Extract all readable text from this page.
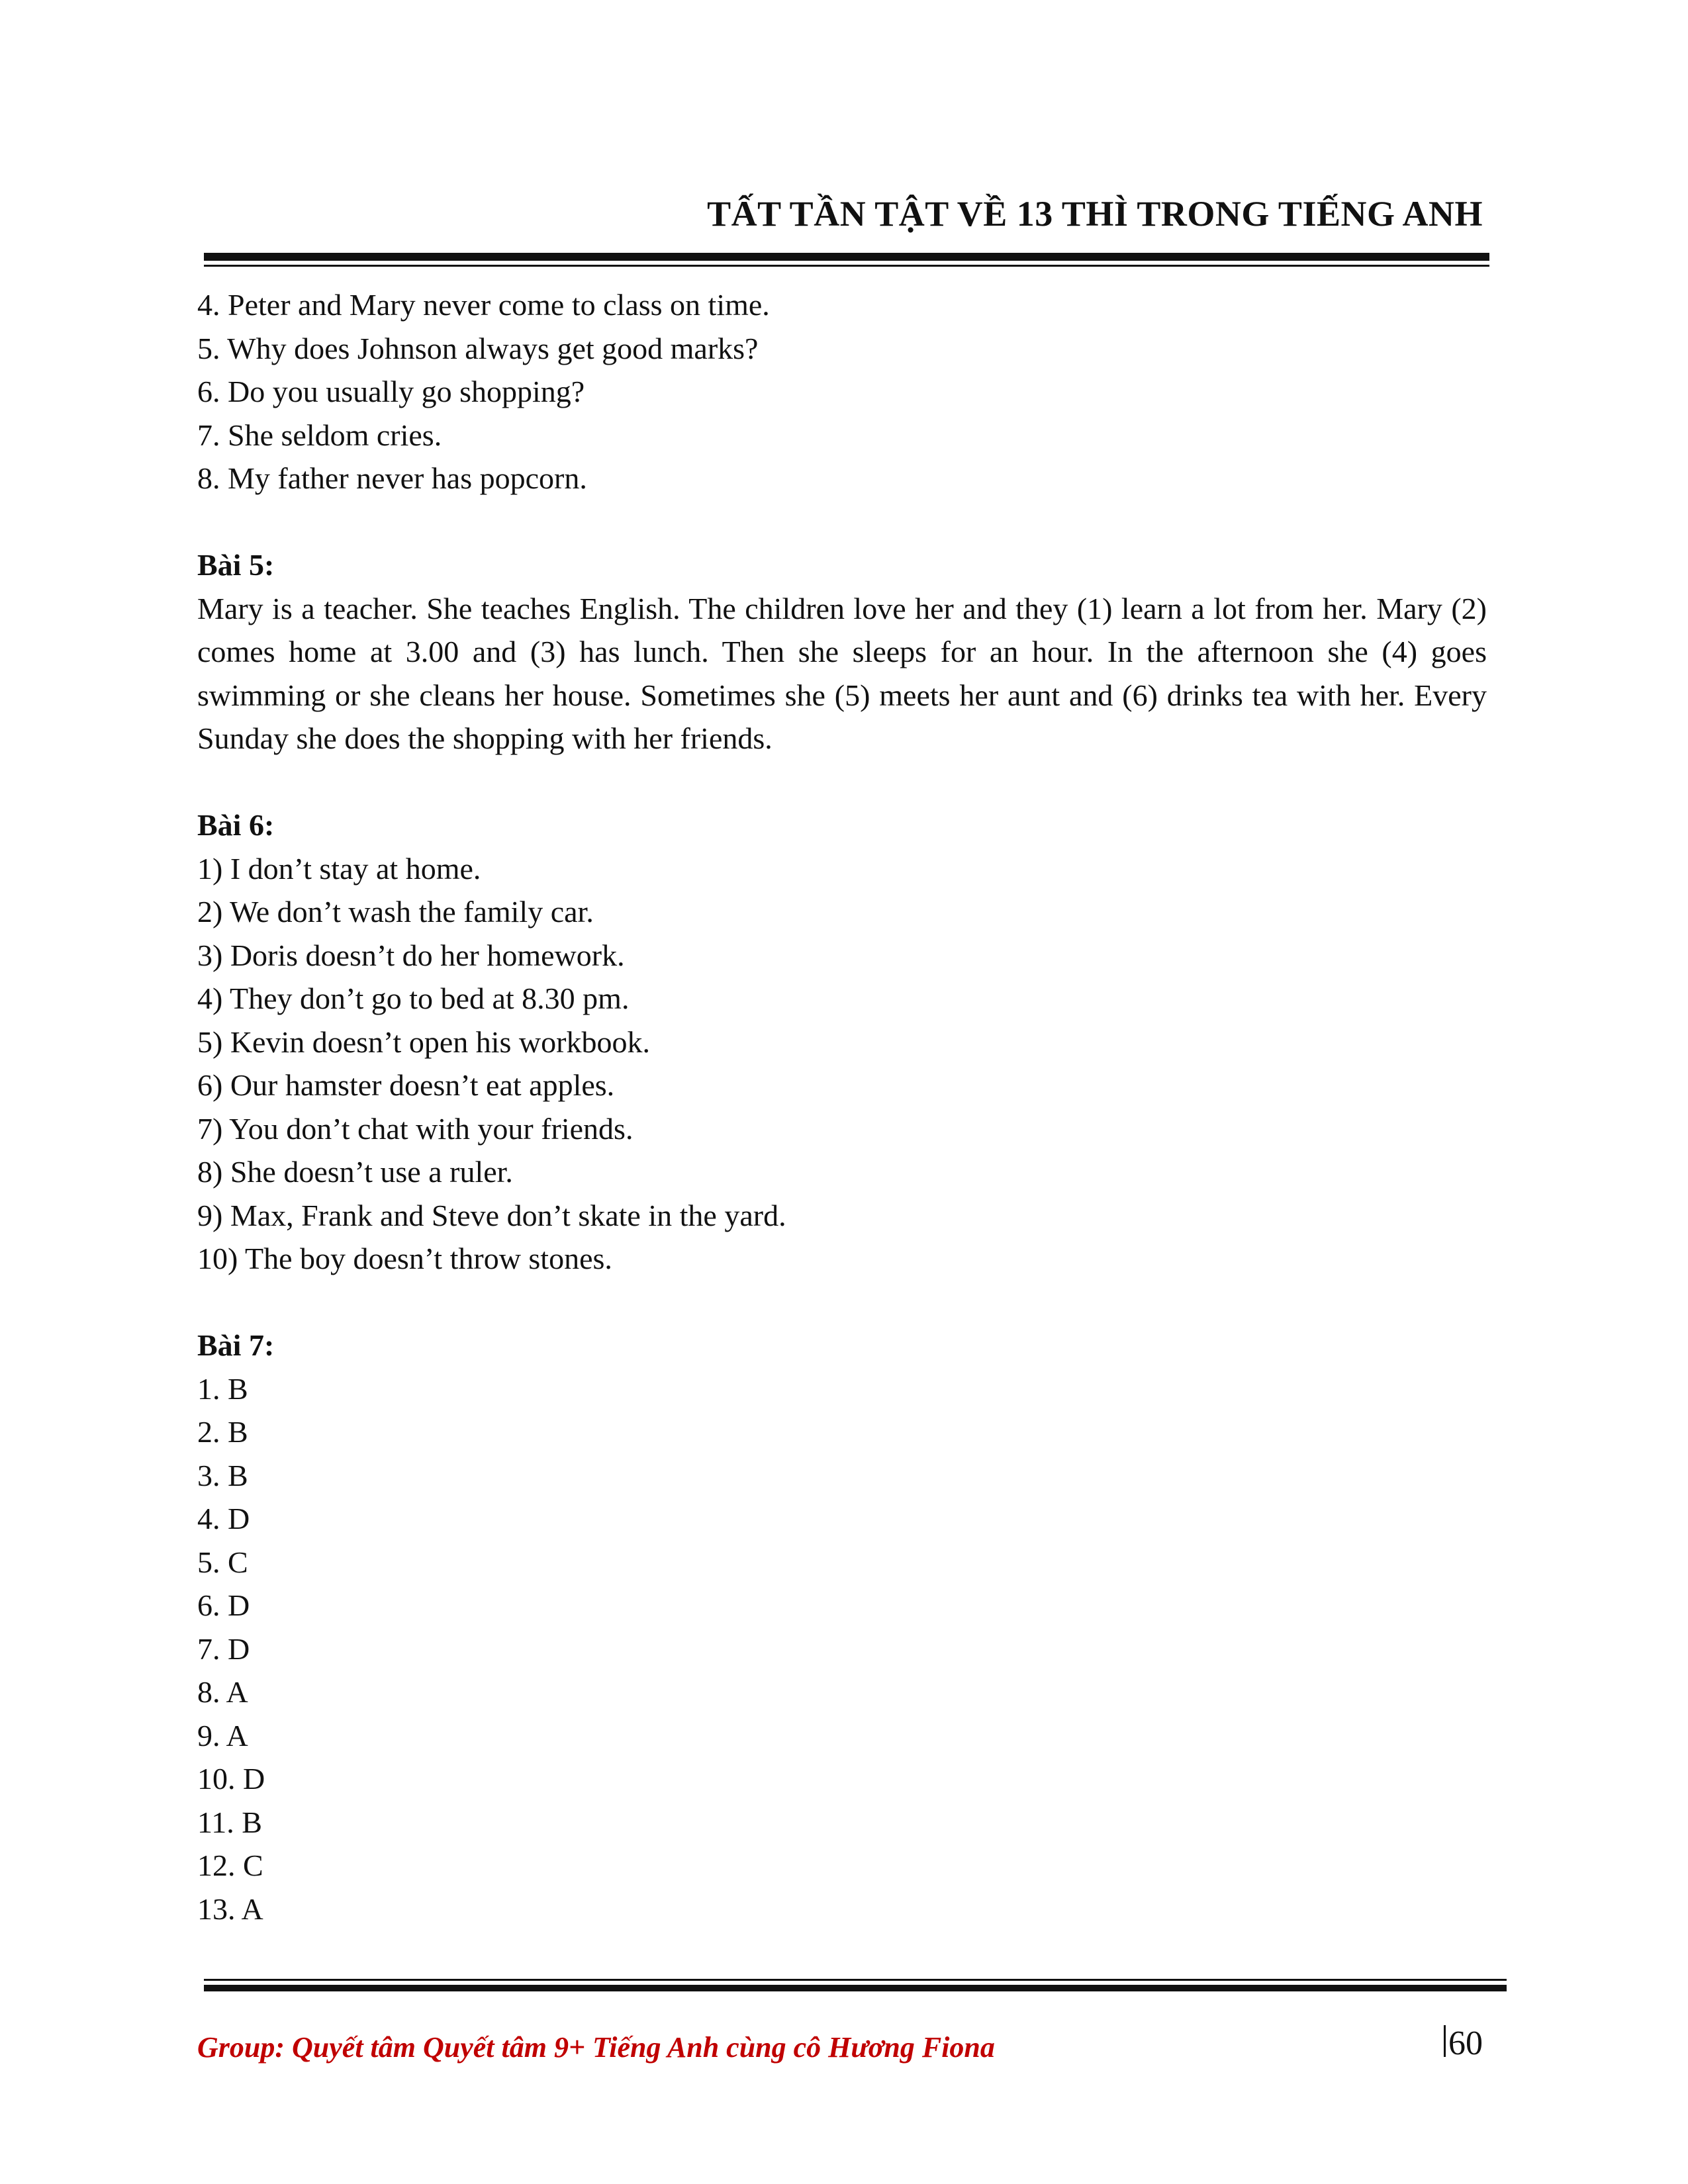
TẤT TẦN TẬT VỀ 13 THÌ TRONG TIẾNG ANH
4. Peter and Mary never come to class on time.
5. Why does Johnson always get good marks?
6. Do you usually go shopping?
7. She seldom cries.
8. My father never has popcorn.
Bài 5:
Mary is a teacher. She teaches English. The children love her and they (1) learn a lot from her. Mary (2) comes home at 3.00 and (3) has lunch. Then she sleeps for an hour. In the afternoon she (4) goes swimming or she cleans her house. Sometimes she (5) meets her aunt and (6) drinks tea with her. Every Sunday she does the shopping with her friends.
Bài 6:
1) I don’t stay at home.
2) We don’t wash the family car.
3) Doris doesn’t do her homework.
4) They don’t go to bed at 8.30 pm.
5) Kevin doesn’t open his workbook.
6) Our hamster doesn’t eat apples.
7) You don’t chat with your friends.
8) She doesn’t use a ruler.
9) Max, Frank and Steve don’t skate in the yard.
10) The boy doesn’t throw stones.
Bài 7:
1. B
2. B
3. B
4. D
5. C
6. D
7. D
8. A
9. A
10. D
11. B
12. C
13. A
Group: Quyết tâm Quyết tâm 9+ Tiếng Anh cùng cô Hương Fiona	60
